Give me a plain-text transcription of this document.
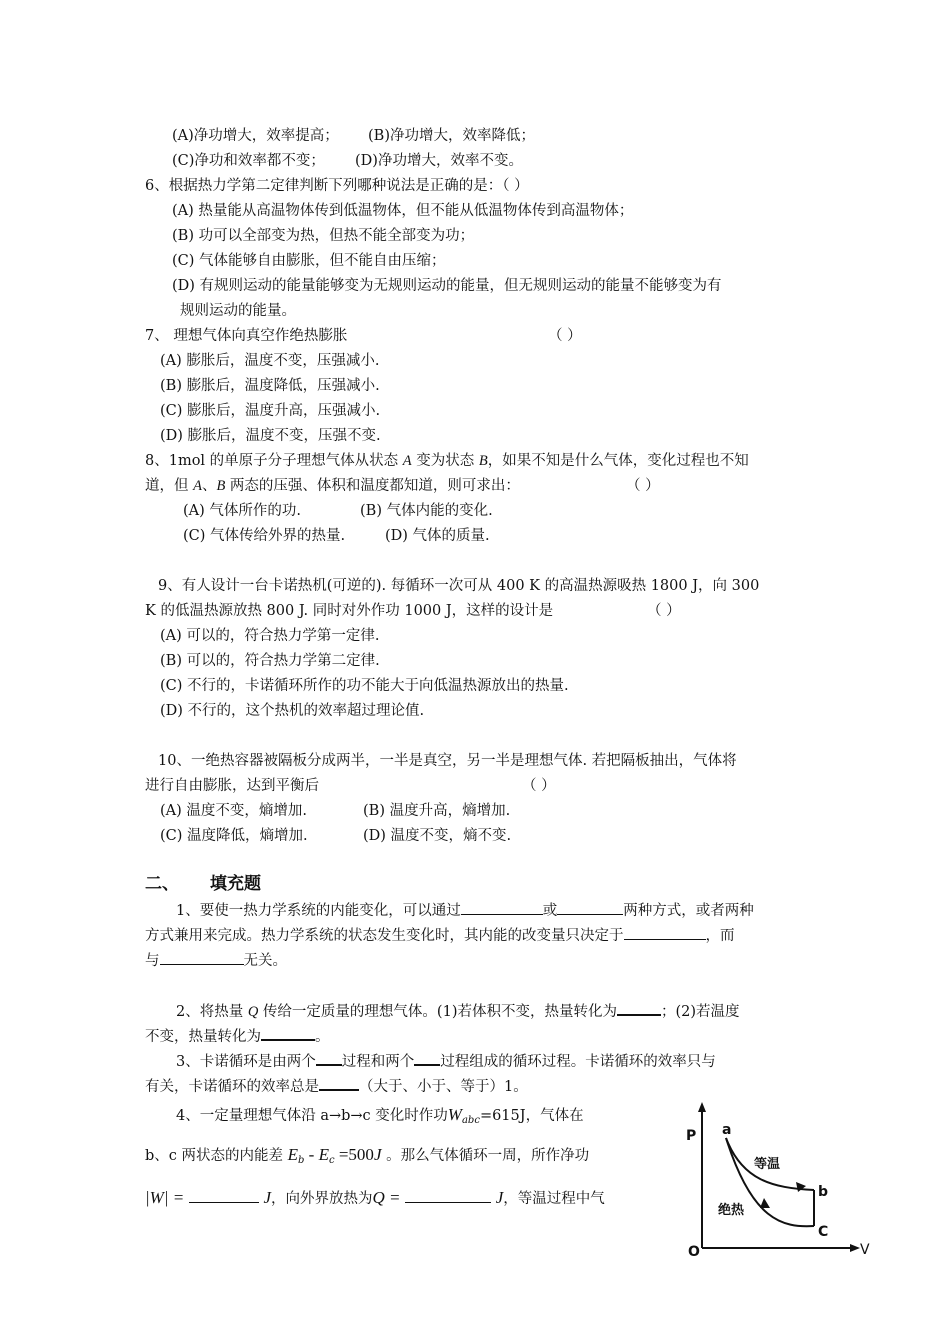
(A)净功增大，效率提高； (B)净功增大，效率降低；
(C)净功和效率都不变； (D)净功增大，效率不变。
6、根据热力学第二定律判断下列哪种说法是正确的是：（ ）
(A) 热量能从高温物体传到低温物体，但不能从低温物体传到高温物体；
(B) 功可以全部变为热，但热不能全部变为功；
(C) 气体能够自由膨胀，但不能自由压缩；
(D) 有规则运动的能量能够变为无规则运动的能量，但无规则运动的能量不能够变为有
规则运动的能量。
7、 理想气体向真空作绝热膨胀	（ ）
(A) 膨胀后，温度不变，压强减小.
(B) 膨胀后，温度降低，压强减小.
(C) 膨胀后，温度升高，压强减小.
(D) 膨胀后，温度不变，压强不变.
8、1mol 的单原子分子理想气体从状态 A 变为状态 B，如果不知是什么气体，变化过程也不知
道，但 A、B 两态的压强、体积和温度都知道，则可求出：	（ ）
(A) 气体所作的功.	(B) 气体内能的变化.
(C) 气体传给外界的热量.	(D) 气体的质量.
9、有人设计一台卡诺热机(可逆的). 每循环一次可从 400 K 的高温热源吸热 1800 J，向 300
K 的低温热源放热 800 J. 同时对外作功 1000 J，这样的设计是	（ ）
(A) 可以的，符合热力学第一定律.
(B) 可以的，符合热力学第二定律.
(C) 不行的，卡诺循环所作的功不能大于向低温热源放出的热量.
(D) 不行的，这个热机的效率超过理论值.
10、一绝热容器被隔板分成两半，一半是真空，另一半是理想气体. 若把隔板抽出，气体将
进行自由膨胀，达到平衡后	（ ）
(A) 温度不变，熵增加.	(B) 温度升高，熵增加.
(C) 温度降低，熵增加.	(D) 温度不变，熵不变.
二、 填充题
1、要使一热力学系统的内能变化，可以通过	或	两种方式，或者两种
方式兼用来完成。热力学系统的状态发生变化时，其内能的改变量只决定于	，而
与	无关。
2、将热量 Q 传给一定质量的理想气体。(1)若体积不变，热量转化为	；(2)若温度
不变，热量转化为	。
3、卡诺循环是由两个 过程和两个 过程组成的循环过程。卡诺循环的效率只与
有关，卡诺循环的效率总是	（大于、小于、等于）1。
4、一定量理想气体沿 a→b→c 变化时作功$W_{abc}=615J$，气体在
b、c 两状态的内能差 $E_b - E_c =500J$ 。那么气体循环一周，所作净功
|W| =	J，向外界放热为Q =	J，等温过程中气
P
V
O
a
b
C
等温
绝热
